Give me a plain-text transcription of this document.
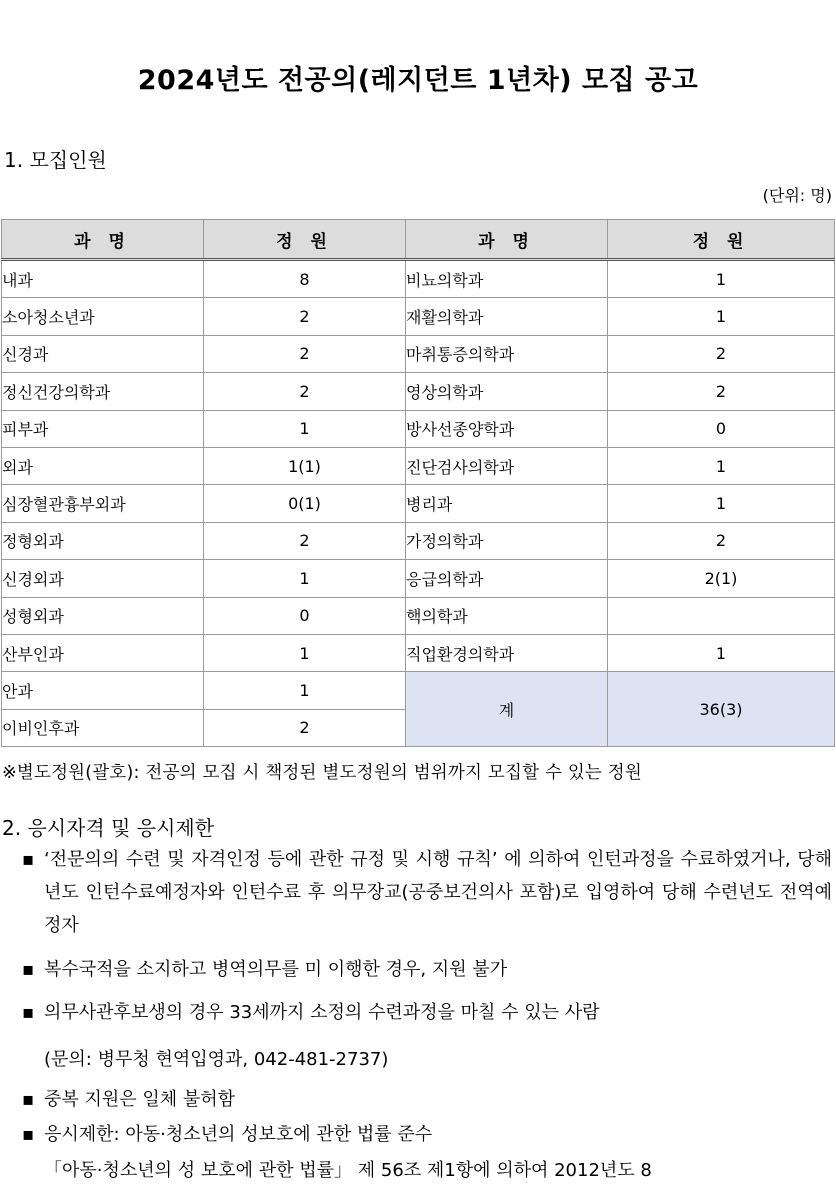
2024년도 전공의(레지던트 1년차) 모집 공고
1. 모집인원
(단위: 명)
과 명	정 원	과 명	정 원

내과	8	비뇨의학과	1

소아청소년과	2	재활의학과	1

신경과	2	마취통증의학과	2

정신건강의학과	2	영상의학과	2

피부과	1	방사선종양학과	0

외과	1(1)	진단검사의학과	1

심장혈관흉부외과	0(1)	병리과	1

정형외과	2	가정의학과	2

신경외과	1	응급의학과	2(1)

성형외과	0	핵의학과	

산부인과	1	직업환경의학과	1

안과	1	계	36(3)

이비인후과	2		
※별도정원(괄호): 전공의 모집 시 책정된 별도정원의 범위까지 모집할 수 있는 정원
2. 응시자격 및 응시제한
▪ ‘전문의의 수련 및 자격인정 등에 관한 규정 및 시행 규칙’ 에 의하여 인턴과정을 수료하였거나, 당해년도 인턴수료예정자와 인턴수료 후 의무장교(공중보건의사 포함)로 입영하여 당해 수련년도 전역예정자
▪ 복수국적을 소지하고 병역의무를 미 이행한 경우, 지원 불가
▪ 의무사관후보생의 경우 33세까지 소정의 수련과정을 마칠 수 있는 사람
(문의: 병무청 현역입영과, 042-481-2737)
▪ 중복 지원은 일체 불허함
▪ 응시제한: 아동·청소년의 성보호에 관한 법률 준수
「아동·청소년의 성 보호에 관한 법률」 제 56조 제1항에 의하여 2012년도 8
